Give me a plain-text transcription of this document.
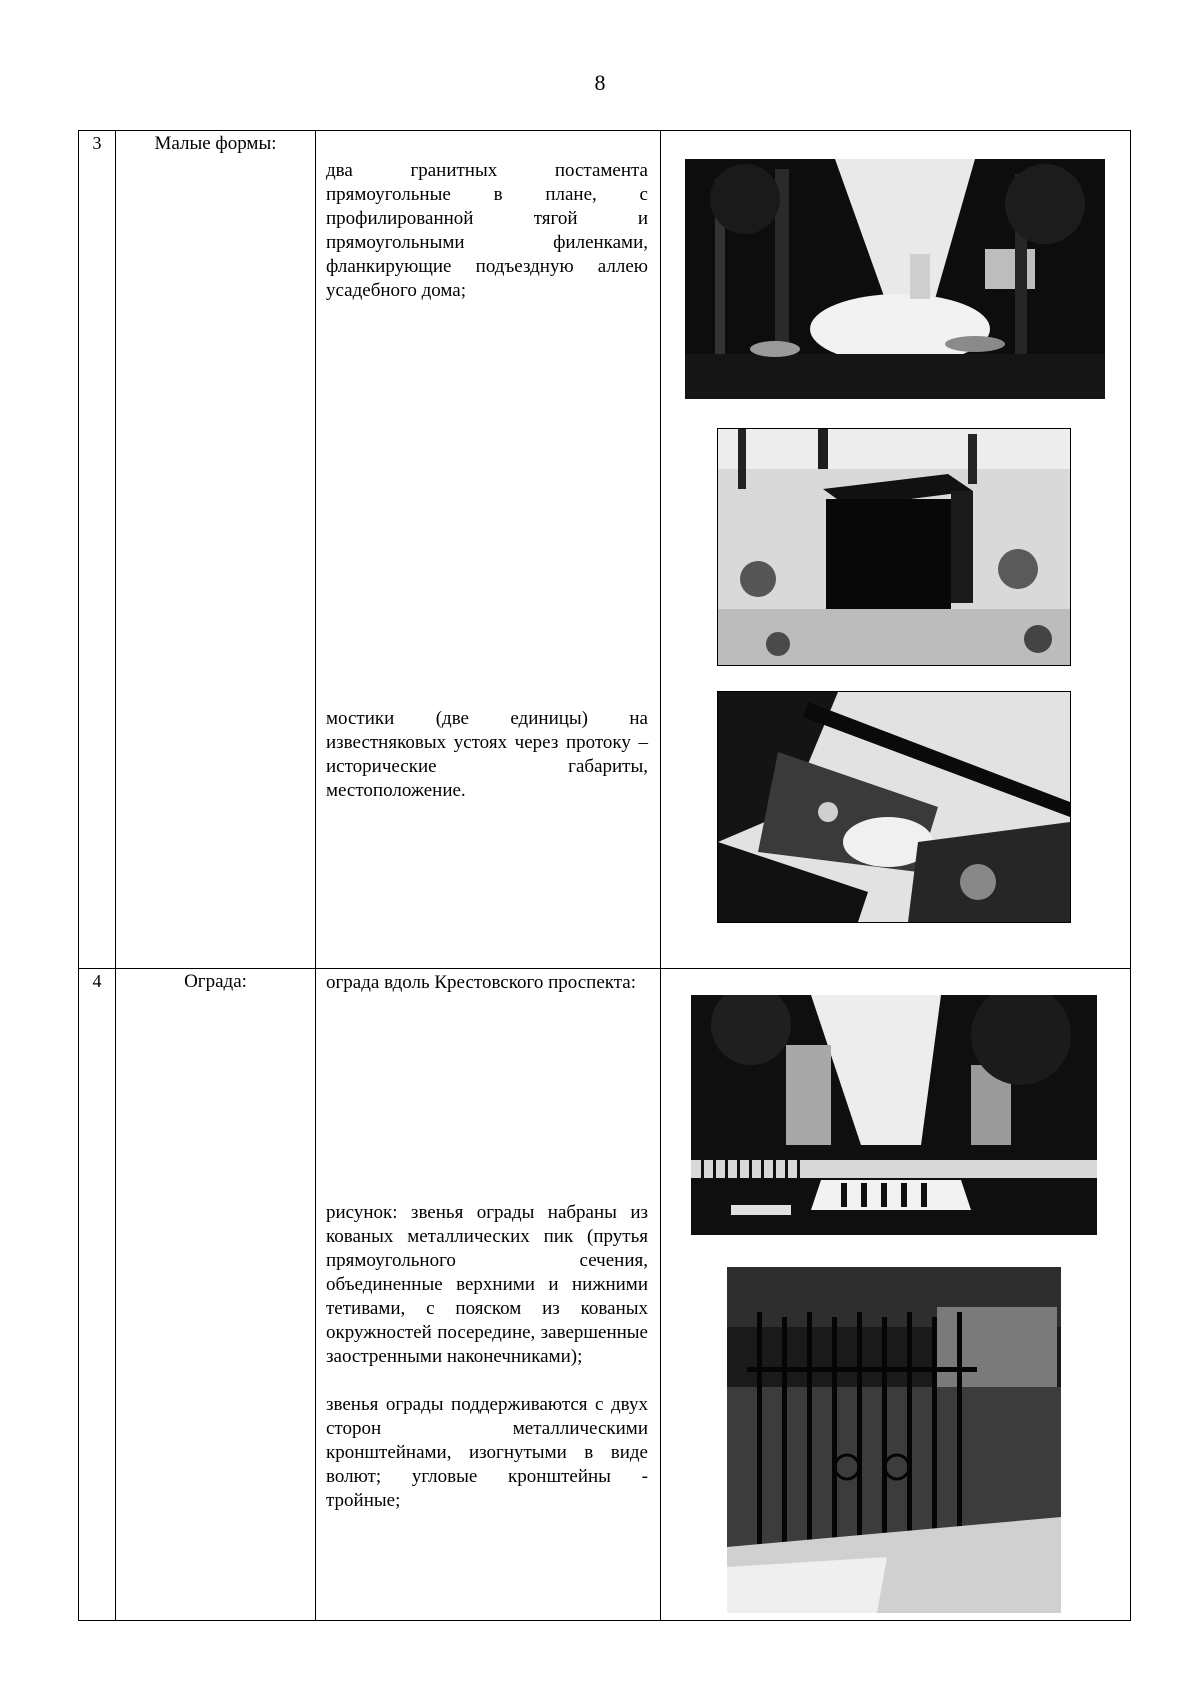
8
3	Малые формы:	два гранитных постамента прямоугольные в плане, с профилированной тягой и прямоугольными филенками, фланкирующие подъездную аллею усадебного дома;

мостики (две единицы) на известняковых устоях через протоку – исторические габариты, местоположение.

4	Ограда:	ограда вдоль Крестовского проспекта:

рисунок: звенья ограды набраны из кованых металлических пик (прутья прямоугольного сечения, объединенные верхними и нижними тетивами, с пояском из кованых окружностей посередине, завершенные заостренными наконечниками);

звенья ограды поддерживаются с двух сторон металлическими кронштейнами, изогнутыми в виде волют; угловые кронштейны - тройные;
